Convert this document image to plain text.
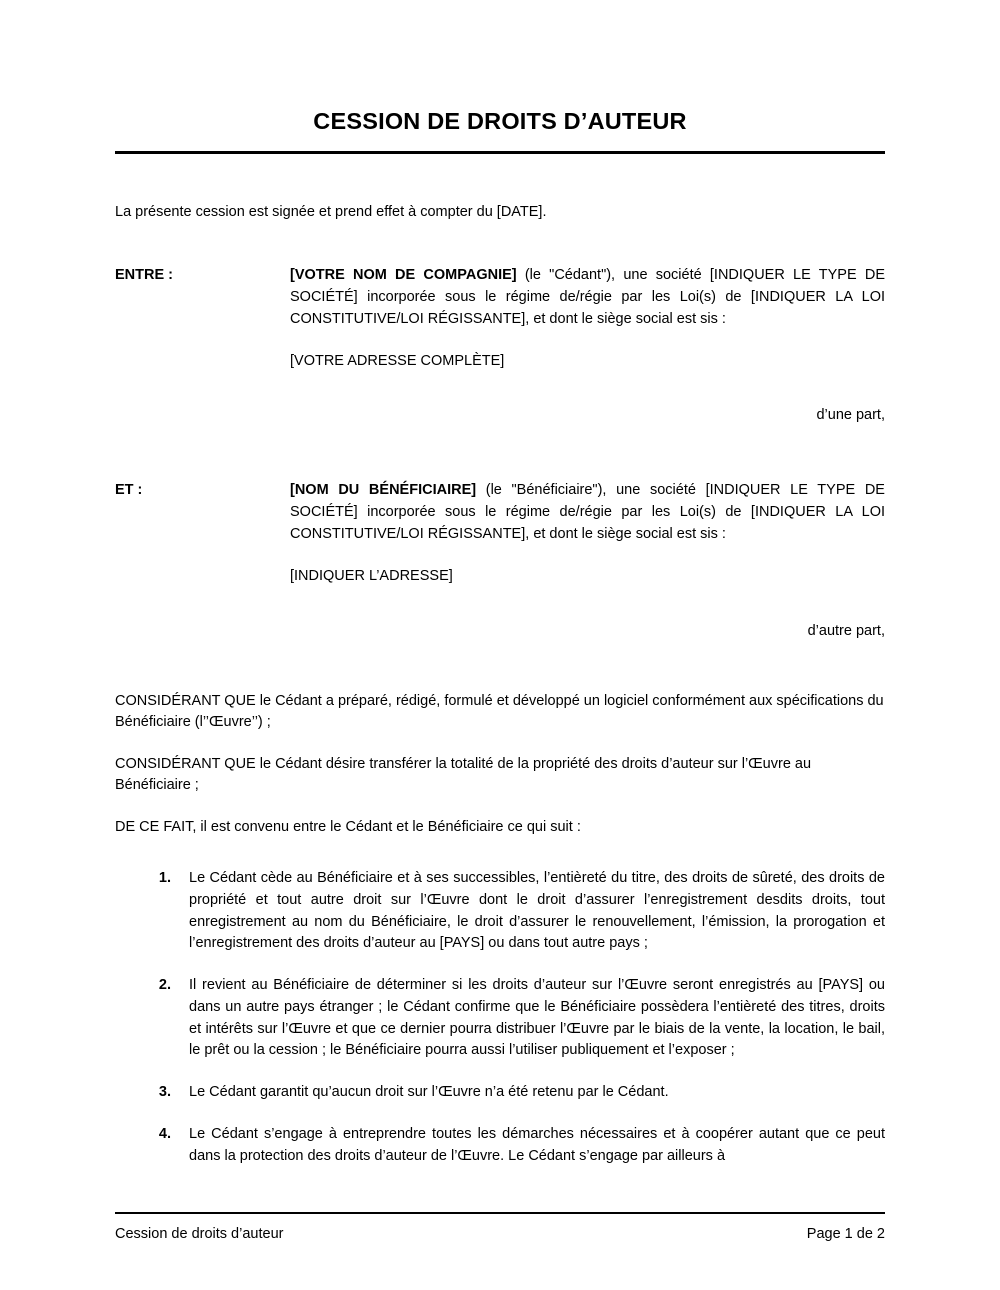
CESSION DE DROITS D’AUTEUR

La présente cession est signée et prend effet à compter du [DATE].

ENTRE :	[VOTRE NOM DE COMPAGNIE] (le "Cédant"), une société [INDIQUER LE TYPE DE SOCIÉTÉ] incorporée sous le régime de/régie par les Loi(s) de [INDIQUER LA LOI CONSTITUTIVE/LOI RÉGISSANTE], et dont le siège social est sis :

[VOTRE ADRESSE COMPLÈTE]

d’une part,
ET :	[NOM DU BÉNÉFICIAIRE] (le "Bénéficiaire"), une société [INDIQUER LE TYPE DE SOCIÉTÉ] incorporée sous le régime de/régie par les Loi(s) de [INDIQUER LA LOI CONSTITUTIVE/LOI RÉGISSANTE], et dont le siège social est sis :

[INDIQUER L’ADRESSE]

d’autre part,

CONSIDÉRANT QUE le Cédant a préparé, rédigé, formulé et développé un logiciel conformément aux spécifications du Bénéficiaire (l’’Œuvre’’) ;

CONSIDÉRANT QUE le Cédant désire transférer la totalité de la propriété des droits d’auteur sur l’Œuvre au Bénéficiaire ;

DE CE FAIT, il est convenu entre le Cédant et le Bénéficiaire ce qui suit :

1. Le Cédant cède au Bénéficiaire et à ses successibles, l’entièreté du titre, des droits de sûreté, des droits de propriété et tout autre droit sur l’Œuvre dont le droit d’assurer l’enregistrement desdits droits, tout enregistrement au nom du Bénéficiaire, le droit d’assurer le renouvellement, l’émission, la prorogation et l’enregistrement des droits d’auteur au [PAYS] ou dans tout autre pays ;
2. Il revient au Bénéficiaire de déterminer si les droits d’auteur sur l’Œuvre seront enregistrés au [PAYS] ou dans un autre pays étranger ; le Cédant confirme que le Bénéficiaire possèdera l’entièreté des titres, droits et intérêts sur l’Œuvre et que ce dernier pourra distribuer l’Œuvre par le biais de la vente, la location, le bail, le prêt ou la cession ; le Bénéficiaire pourra aussi l’utiliser publiquement et l’exposer ;
3. Le Cédant garantit qu’aucun droit sur l’Œuvre n’a été retenu par le Cédant.
4. Le Cédant s’engage à entreprendre toutes les démarches nécessaires et à coopérer autant que ce peut dans la protection des droits d’auteur de l’Œuvre. Le Cédant s’engage par ailleurs à
Cession de droits d’auteur	Page 1 de 2
